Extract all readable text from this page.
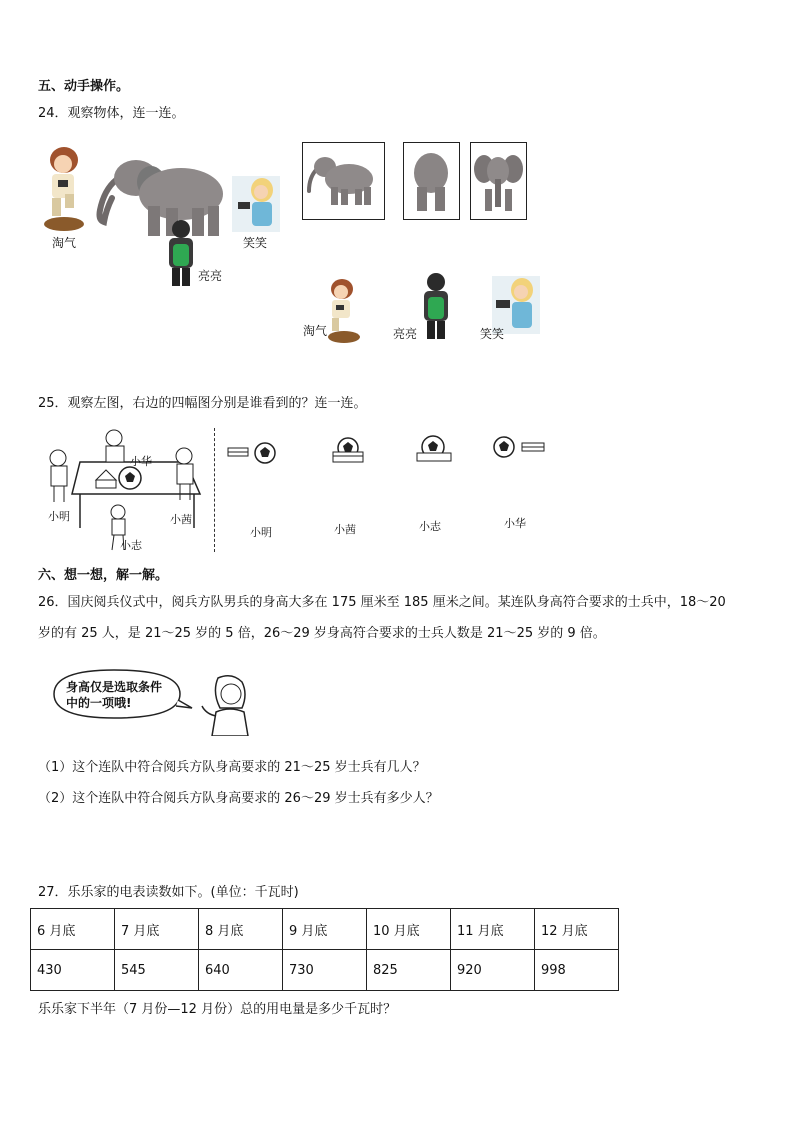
五、动手操作。
24．观察物体，连一连。
淘气
亮亮
笑笑
淘气	亮亮	笑笑
25．观察左图，右边的四幅图分别是谁看到的？连一连。
小华
小明	小茜
小志
小明	小茜	小志	小华
六、想一想，解一解。
26．国庆阅兵仪式中，阅兵方队男兵的身高大多在 175 厘米至 185 厘米之间。某连队身高符合要求的士兵中，18～20
岁的有 25 人，是 21～25 岁的 5 倍，26～29 岁身高符合要求的士兵人数是 21～25 岁的 9 倍。
身高仅是选取条件
中的一项哦!
（1）这个连队中符合阅兵方队身高要求的 21～25 岁士兵有几人？
（2）这个连队中符合阅兵方队身高要求的 26～29 岁士兵有多少人？
27．乐乐家的电表读数如下。(单位：千瓦时)
6 月底	7 月底	8 月底	9 月底	10 月底	11 月底	12 月底
430	545	640	730	825	920	998
乐乐家下半年（7 月份—12 月份）总的用电量是多少千瓦时？
